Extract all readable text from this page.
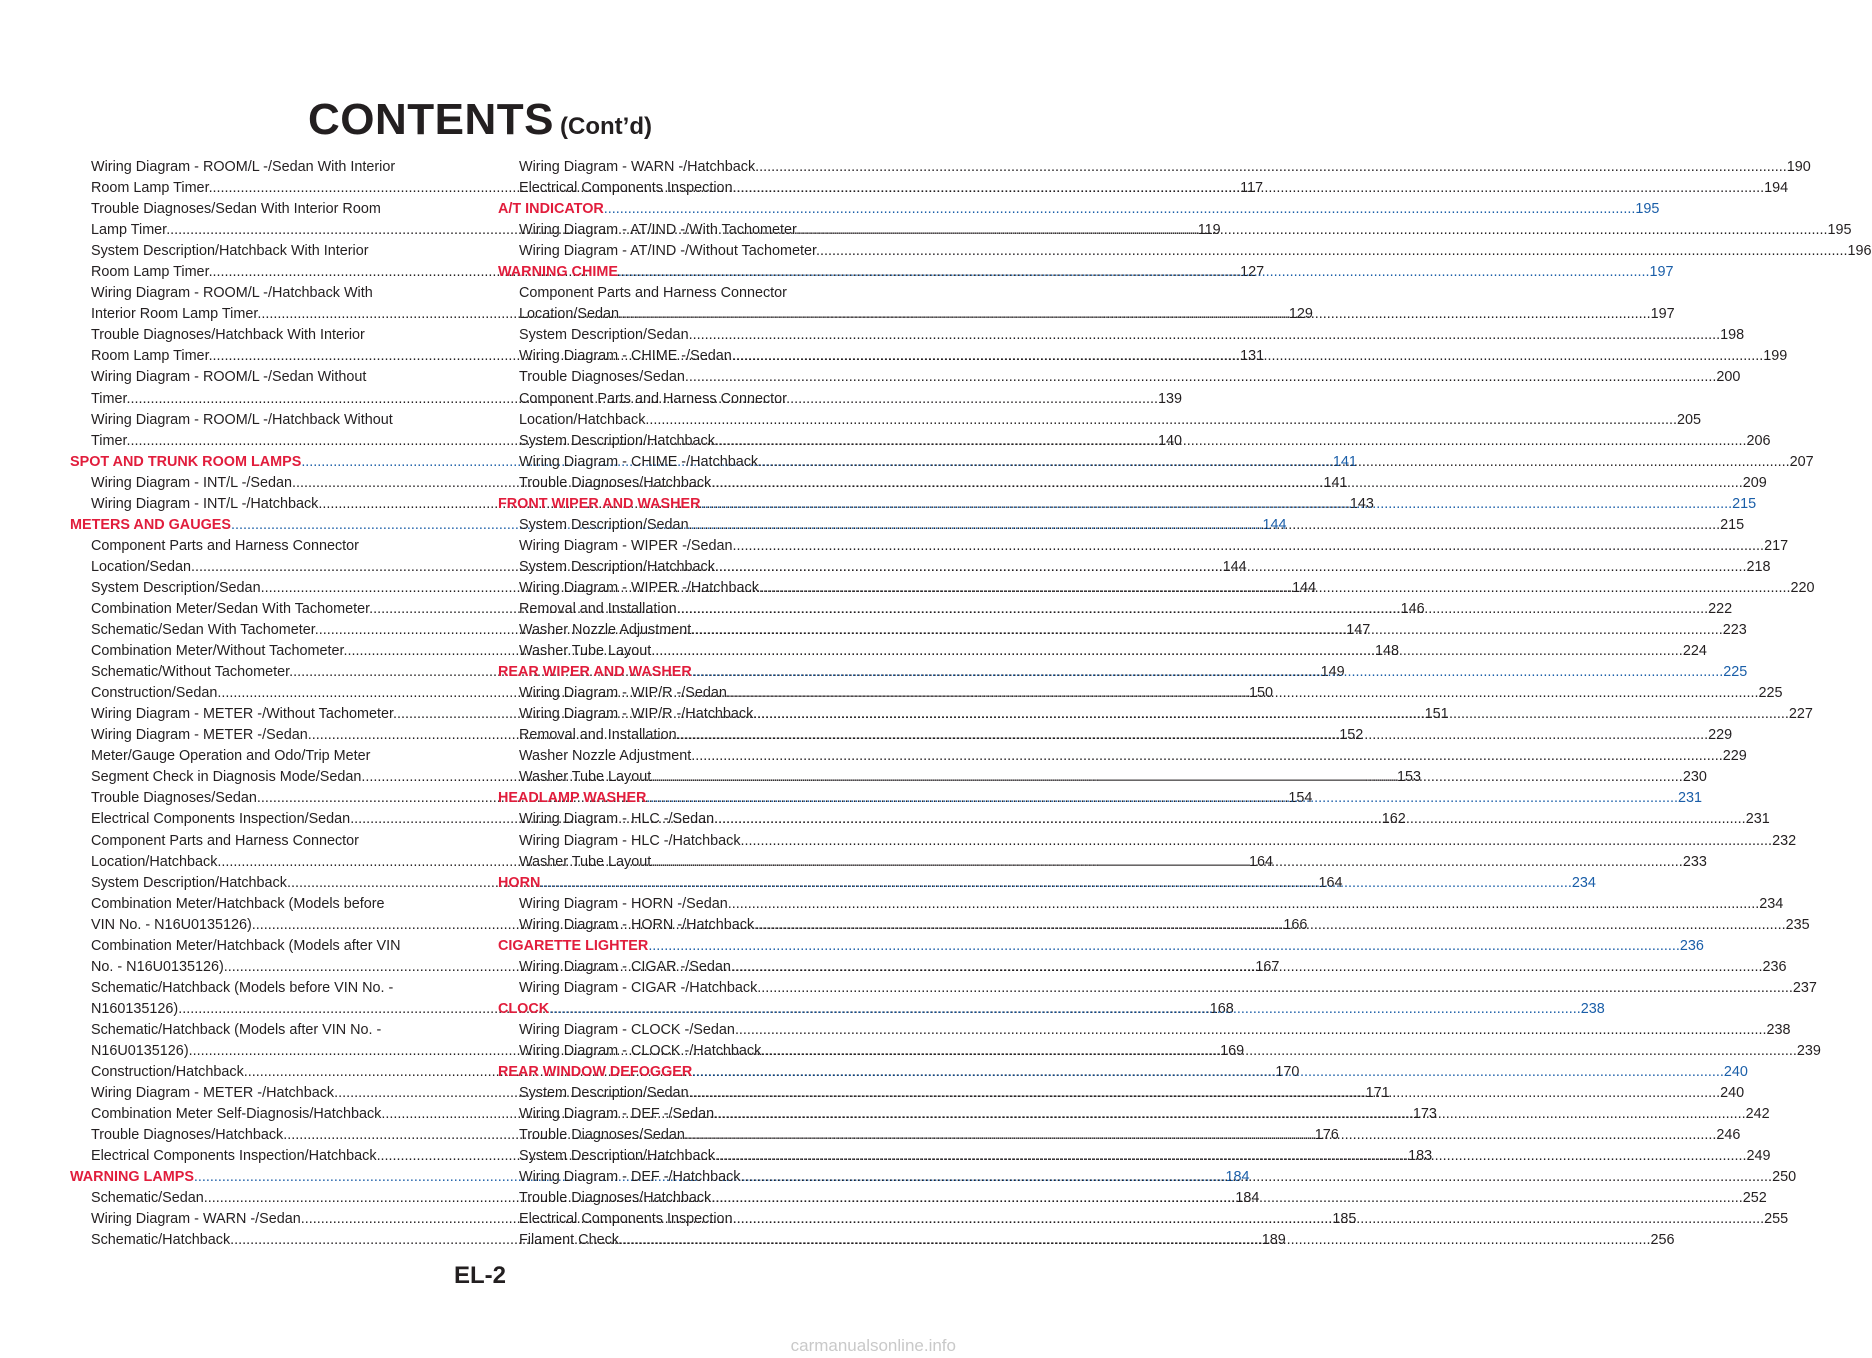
CONTENTS (Cont’d)
Wiring Diagram - ROOM/L -/Sedan With Interior
Room Lamp Timer .....	117
Trouble Diagnoses/Sedan With Interior Room
Lamp Timer .....	119
System Description/Hatchback With Interior
Room Lamp Timer .....	127
Wiring Diagram - ROOM/L -/Hatchback With
Interior Room Lamp Timer .....	129
Trouble Diagnoses/Hatchback With Interior
Room Lamp Timer .....	131
Wiring Diagram - ROOM/L -/Sedan Without
Timer .....	139
Wiring Diagram - ROOM/L -/Hatchback Without
Timer .....	140
SPOT AND TRUNK ROOM LAMPS .....	141
Wiring Diagram - INT/L -/Sedan .....	141
Wiring Diagram - INT/L -/Hatchback .....	143
METERS AND GAUGES .....	144
Component Parts and Harness Connector
Location/Sedan .....	144
System Description/Sedan .....	144
Combination Meter/Sedan With Tachometer .....	146
Schematic/Sedan With Tachometer .....	147
Combination Meter/Without Tachometer .....	148
Schematic/Without Tachometer .....	149
Construction/Sedan .....	150
Wiring Diagram - METER -/Without Tachometer .....	151
Wiring Diagram - METER -/Sedan .....	152
Meter/Gauge Operation and Odo/Trip Meter
Segment Check in Diagnosis Mode/Sedan. .....	153
Trouble Diagnoses/Sedan .....	154
Electrical Components Inspection/Sedan .....	162
Component Parts and Harness Connector
Location/Hatchback .....	164
System Description/Hatchback .....	164
Combination Meter/Hatchback (Models before
VIN No. - N16U0135126) .....	166
Combination Meter/Hatchback (Models after VIN
No. - N16U0135126) .....	167
Schematic/Hatchback (Models before VIN No. -
N160135126) .....	168
Schematic/Hatchback (Models after VIN No. -
N16U0135126) .....	169
Construction/Hatchback .....	170
Wiring Diagram - METER -/Hatchback .....	171
Combination Meter Self-Diagnosis/Hatchback .....	173
Trouble Diagnoses/Hatchback .....	176
Electrical Components Inspection/Hatchback .....	183
WARNING LAMPS .....	184
Schematic/Sedan .....	184
Wiring Diagram - WARN -/Sedan .....	185
Schematic/Hatchback .....	189
Wiring Diagram - WARN -/Hatchback .....	190
Electrical Components Inspection .....	194
A/T INDICATOR .....	195
Wiring Diagram - AT/IND -/With Tachometer .....	195
Wiring Diagram - AT/IND -/Without Tachometer .....	196
WARNING CHIME .....	197
Component Parts and Harness Connector
Location/Sedan .....	197
System Description/Sedan .....	198
Wiring Diagram - CHIME -/Sedan .....	199
Trouble Diagnoses/Sedan .....	200
Component Parts and Harness Connector
Location/Hatchback .....	205
System Description/Hatchback .....	206
Wiring Diagram - CHIME -/Hatchback .....	207
Trouble Diagnoses/Hatchback .....	209
FRONT WIPER AND WASHER .....	215
System Description/Sedan .....	215
Wiring Diagram - WIPER -/Sedan .....	217
System Description/Hatchback .....	218
Wiring Diagram - WIPER -/Hatchback .....	220
Removal and Installation .....	222
Washer Nozzle Adjustment .....	223
Washer Tube Layout .....	224
REAR WIPER AND WASHER .....	225
Wiring Diagram - WIP/R -/Sedan .....	225
Wiring Diagram - WIP/R -/Hatchback. .....	227
Removal and Installation .....	229
Washer Nozzle Adjustment .....	229
Washer Tube Layout .....	230
HEADLAMP WASHER .....	231
Wiring Diagram - HLC -/Sedan .....	231
Wiring Diagram - HLC -/Hatchback .....	232
Washer Tube Layout .....	233
HORN .....	234
Wiring Diagram - HORN -/Sedan .....	234
Wiring Diagram - HORN -/Hatchback .....	235
CIGARETTE LIGHTER .....	236
Wiring Diagram - CIGAR -/Sedan .....	236
Wiring Diagram - CIGAR -/Hatchback. .....	237
CLOCK .....	238
Wiring Diagram - CLOCK -/Sedan .....	238
Wiring Diagram - CLOCK -/Hatchback. .....	239
REAR WINDOW DEFOGGER .....	240
System Description/Sedan .....	240
Wiring Diagram - DEF -/Sedan .....	242
Trouble Diagnoses/Sedan .....	246
System Description/Hatchback .....	249
Wiring Diagram - DEF -/Hatchback .....	250
Trouble Diagnoses/Hatchback .....	252
Electrical Components Inspection .....	255
Filament Check .....	256
EL-2
carmanualsonline.info
